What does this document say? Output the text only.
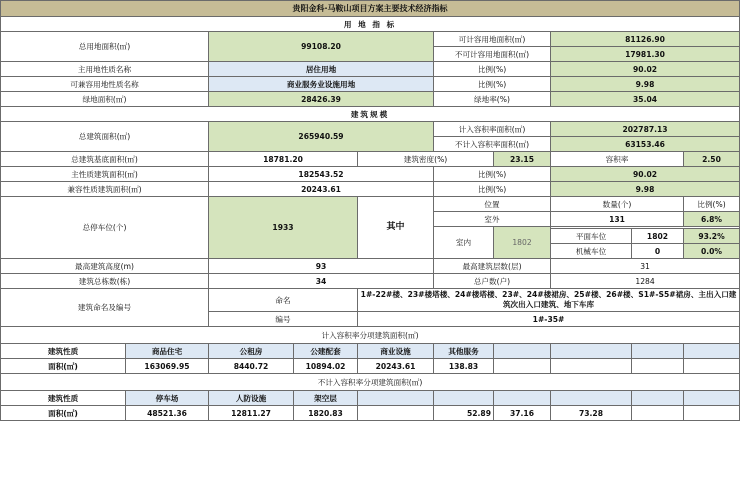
贵阳金科·马鞍山项目方案主要技术经济指标									
用 地 指 标									
总用地面积(㎡)		99108.20			可计容用地面积(㎡)		81126.90		
					不可计容用地面积(㎡)		17981.30		
主用地性质名称		居住用地			比例(%)		90.02		
可兼容用地性质名称		商业服务业设施用地			比例(%)		9.98		
绿地面积(㎡)		28426.39			绿地率(%)		35.04		
建筑规模									
总建筑面积(㎡)		265940.59			计入容积率面积(㎡)		202787.13		
					不计入容积率面积(㎡)		63153.46		
总建筑基底面积(㎡)		18781.20		建筑密度(%)		23.15	容积率		2.50
主性质建筑面积(㎡)		182543.52			比例(%)		90.02		
兼容性质建筑面积(㎡)		20243.61			比例(%)		9.98		
总停车位(个)		1933		其中	位置		数量(个)		比例(%)
					室外		131		6.8%
					室内	1802			
							平面车位	1802	93.2%
							机械车位	0	0.0%
最高建筑高度(m)		93			最高建筑层数(层)		31		
建筑总栋数(栋)		34			总户数(户)		1284		
建筑命名及编号		命名		1#-22#楼、23#楼塔楼、24#楼塔楼、23#、24#楼裙房、25#楼、26#楼、S1#-S5#裙房、主出入口建筑次出入口建筑、地下车库					
		编号		1#-35#					
计入容积率分项建筑面积(㎡)									
建筑性质	商品住宅	公租房	公建配套	商业设施	其他服务				
面积(㎡)	163069.95	8440.72	10894.02	20243.61	138.83				
不计入容积率分项建筑面积(㎡)									
建筑性质	停车场	人防设施	架空层						
面积(㎡)	48521.36	12811.27	1820.83		52.89	37.16	73.28		
